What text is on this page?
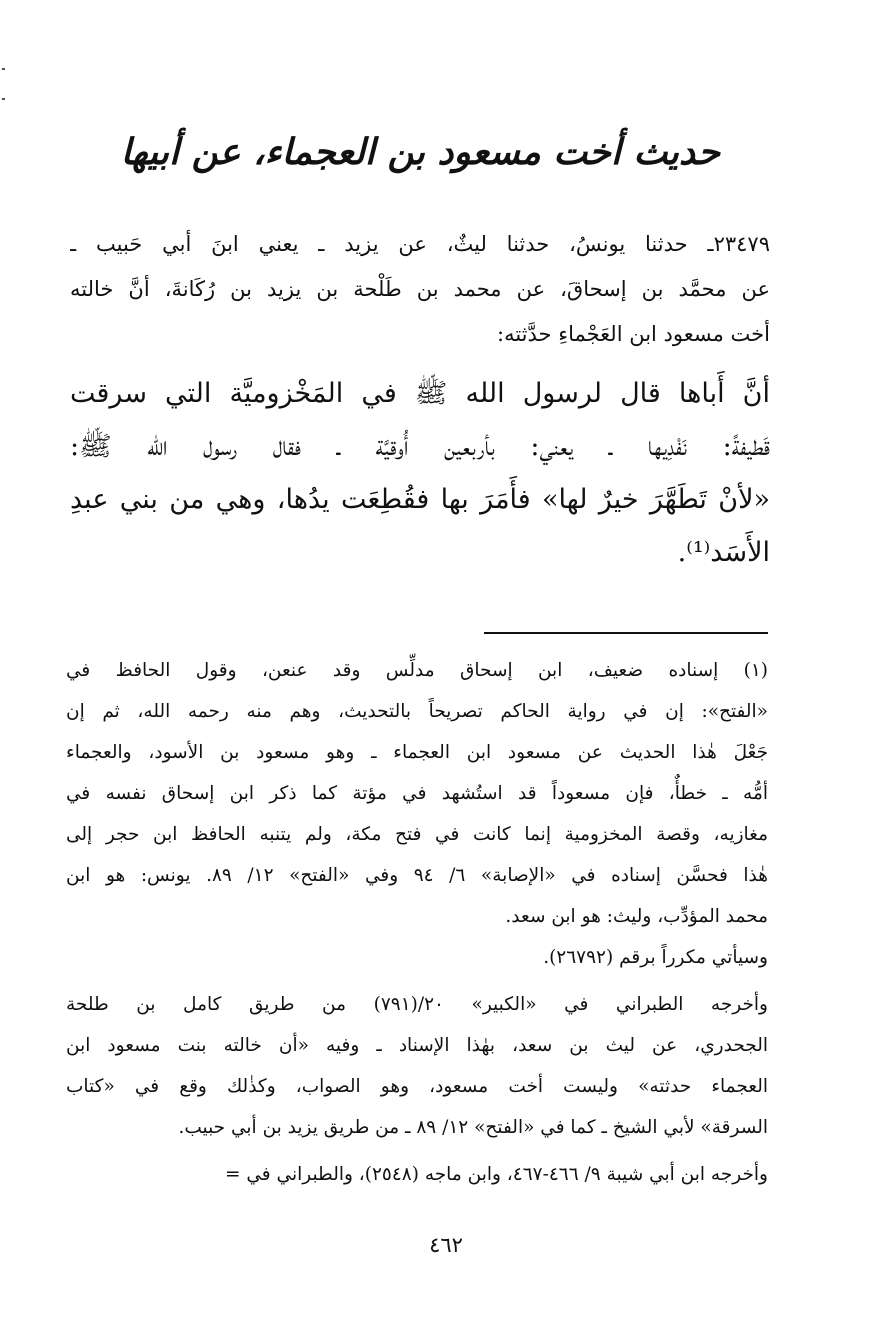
حديث أخت مسعود بن العجماء، عن أبيها
٢٣٤٧٩ـ حدثنا يونسُ، حدثنا ليثٌ، عن يزيد ـ يعني ابنَ أبي حَبيب ـ
عن محمَّد بن إسحاقَ، عن محمد بن طَلْحة بن يزيد بن رُكَانةَ، أنَّ خالته
أخت مسعود ابن العَجْماءِ حدَّثته:
أنَّ أَباها قال لرسول الله ﷺ في المَخْزوميَّة التي سرقت
قَطيفةً: نَفْدِيها ـ يعني: بأربعين أُوقيَّة ـ فقال رسول الله ﷺ:
«لأنْ تَطَهَّرَ خيرٌ لها» فأَمَرَ بها فقُطِعَت يدُها، وهي من بني عبدِ
الأَسَد⁽¹⁾.
(١) إسناده ضعيف، ابن إسحاق مدلِّس وقد عنعن، وقول الحافظ في
«الفتح»: إن في رواية الحاكم تصريحاً بالتحديث، وهم منه رحمه الله، ثم إن
جَعْلَ هٰذا الحديث عن مسعود ابن العجماء ـ وهو مسعود بن الأسود، والعجماء
أمُّه ـ خطأٌ، فإن مسعوداً قد استُشهد في مؤتة كما ذكر ابن إسحاق نفسه في
مغازيه، وقصة المخزومية إنما كانت في فتح مكة، ولم يتنبه الحافظ ابن حجر إلى
هٰذا فحسَّن إسناده في «الإصابة» ٦/ ٩٤ وفي «الفتح» ١٢/ ٨٩. يونس: هو ابن
محمد المؤدِّب، وليث: هو ابن سعد.
وسيأتي مكرراً برقم (٢٦٧٩٢).
وأخرجه الطبراني في «الكبير» ٢٠/(٧٩١) من طريق كامل بن طلحة
الجحدري، عن ليث بن سعد، بهٰذا الإسناد ـ وفيه «أن خالته بنت مسعود ابن
العجماء حدثته» وليست أخت مسعود، وهو الصواب، وكذٰلك وقع في «كتاب
السرقة» لأبي الشيخ ـ كما في «الفتح» ١٢/ ٨٩ ـ من طريق يزيد بن أبي حبيب.
وأخرجه ابن أبي شيبة ٩/ ٤٦٦-٤٦٧، وابن ماجه (٢٥٤٨)، والطبراني في =
٤٦٢
